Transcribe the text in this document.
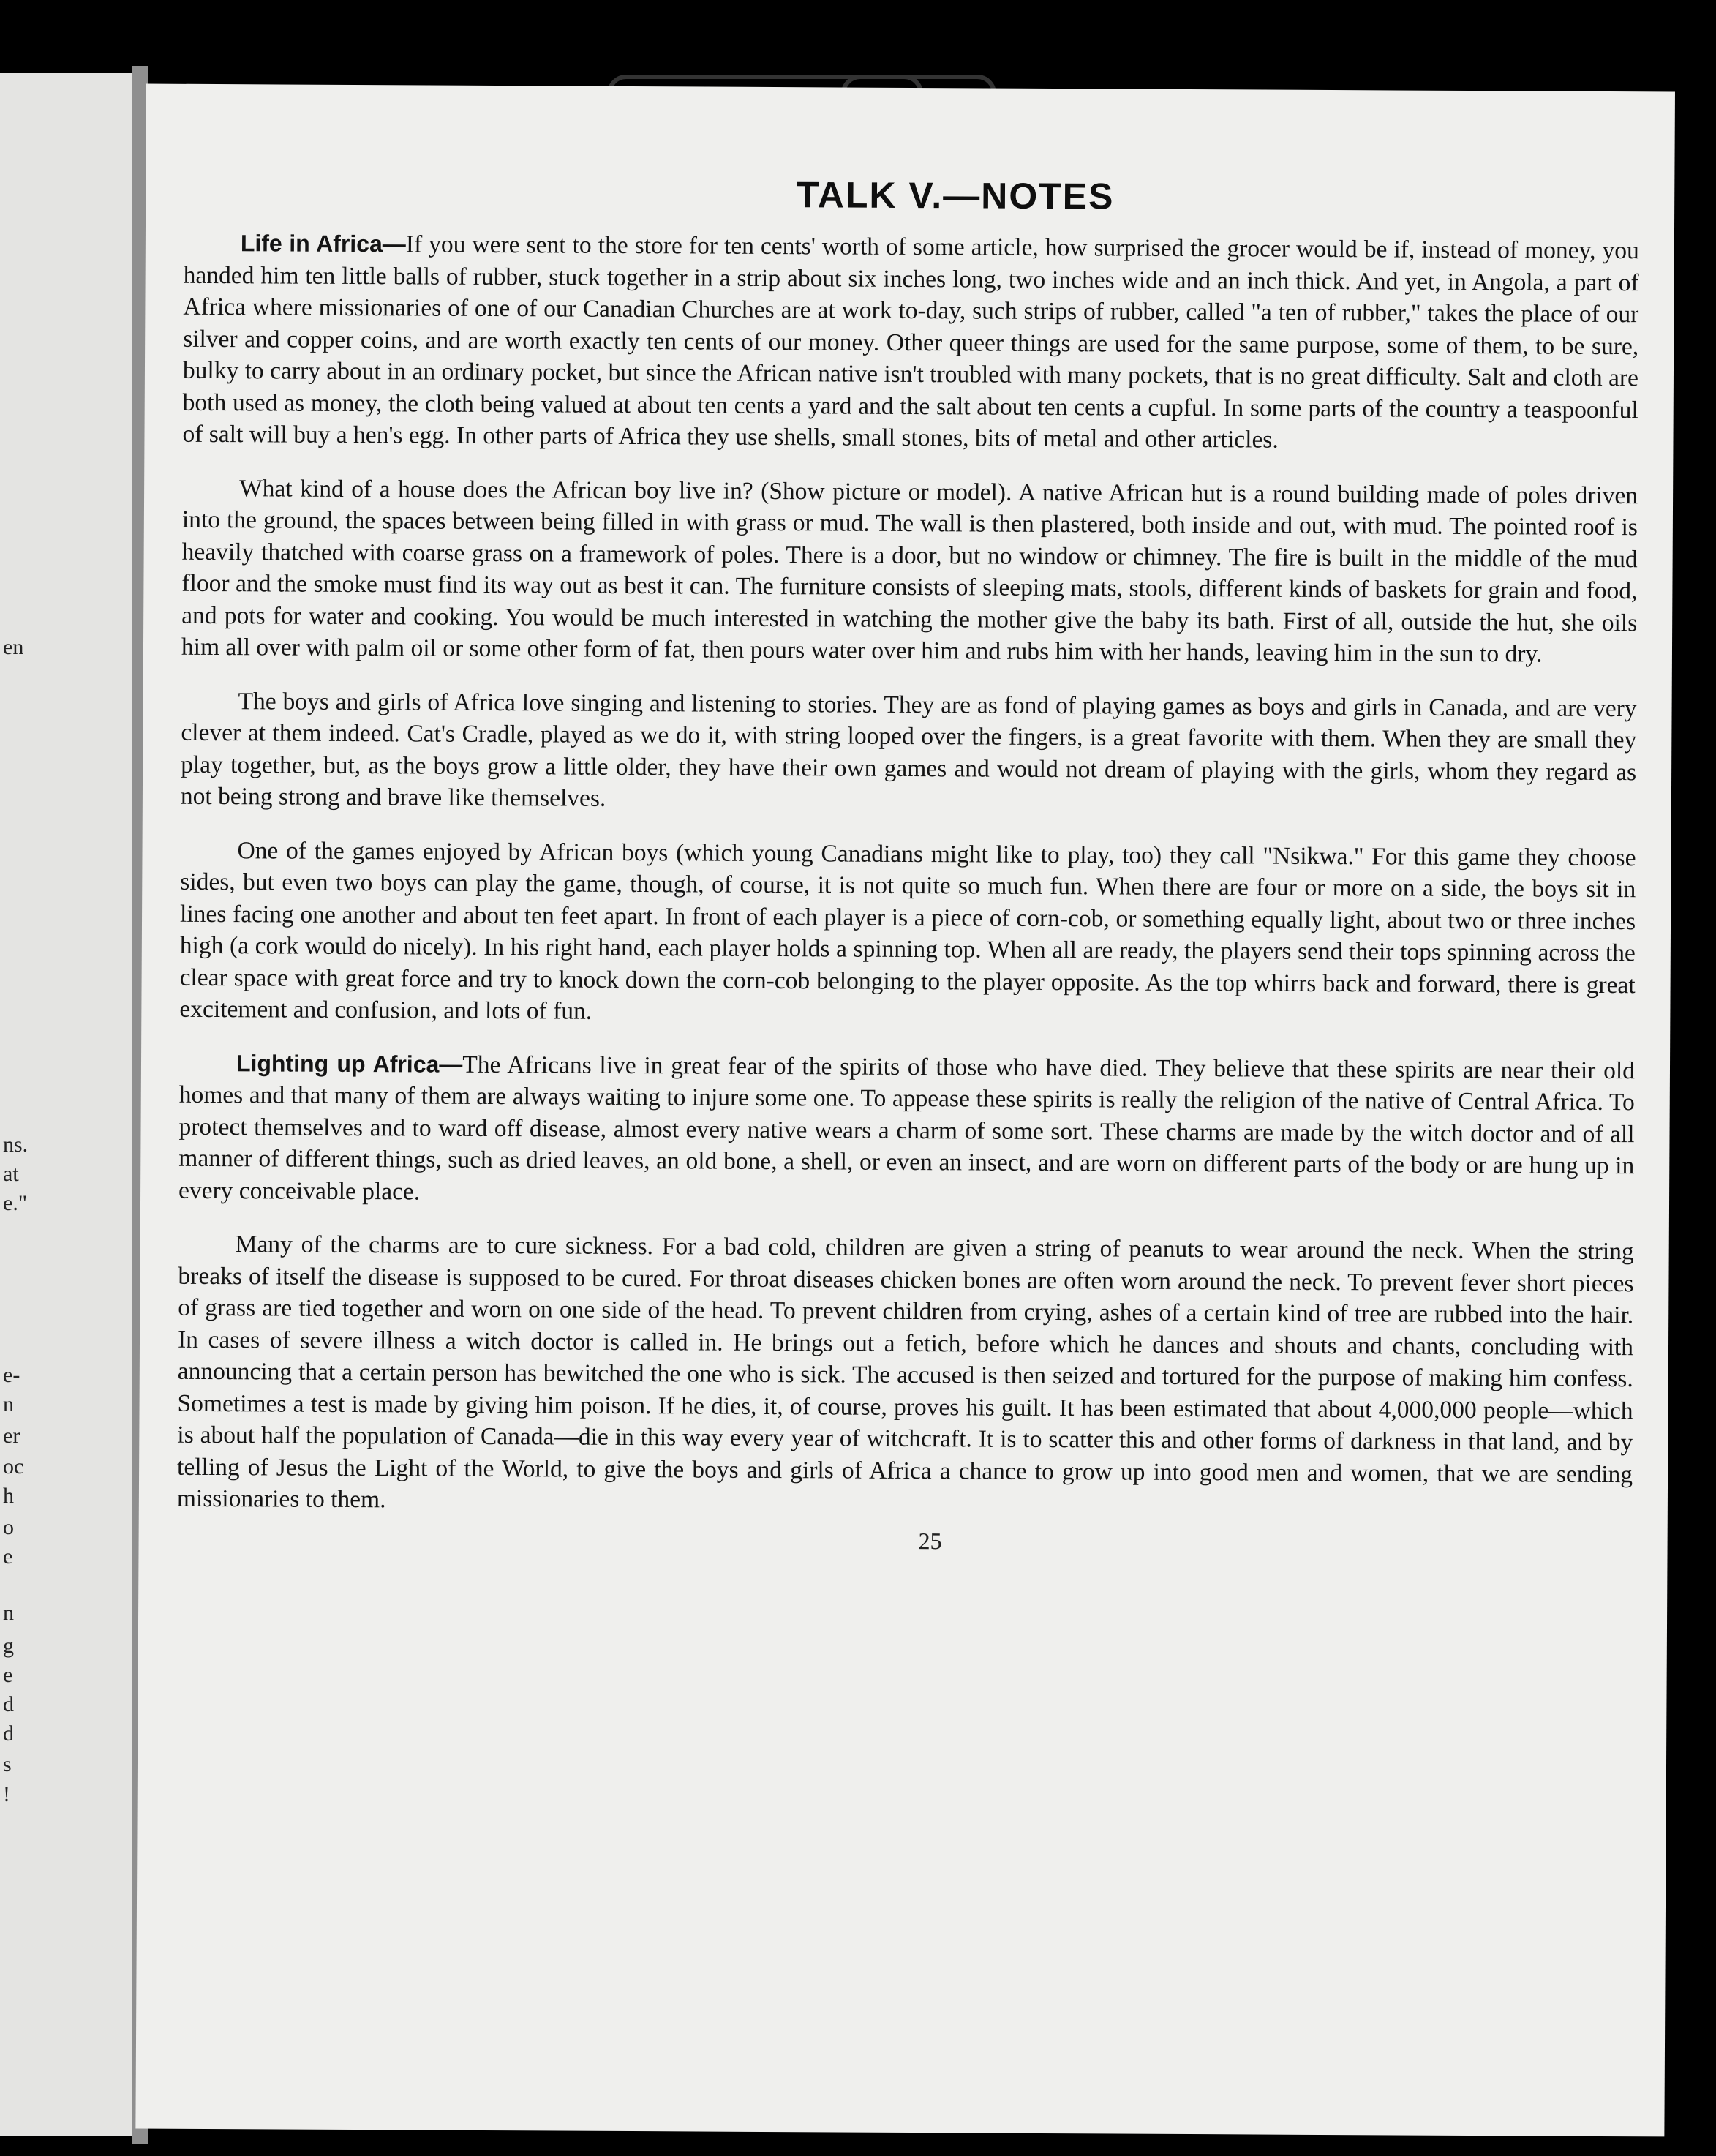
en
ns.
at
e."
e-
n
er
oc
h
o
e
n
g
e
d
d
s
!
TALK V.—NOTES

Life in Africa—If you were sent to the store for ten cents' worth of some article, how surprised the grocer would be if, instead of money, you handed him ten little balls of rubber, stuck together in a strip about six inches long, two inches wide and an inch thick. And yet, in Angola, a part of Africa where missionaries of one of our Canadian Churches are at work to-day, such strips of rubber, called "a ten of rubber," takes the place of our silver and copper coins, and are worth exactly ten cents of our money. Other queer things are used for the same purpose, some of them, to be sure, bulky to carry about in an ordinary pocket, but since the African native isn't troubled with many pockets, that is no great difficulty. Salt and cloth are both used as money, the cloth being valued at about ten cents a yard and the salt about ten cents a cupful. In some parts of the country a teaspoonful of salt will buy a hen's egg. In other parts of Africa they use shells, small stones, bits of metal and other articles.

What kind of a house does the African boy live in? (Show picture or model). A native African hut is a round building made of poles driven into the ground, the spaces between being filled in with grass or mud. The wall is then plastered, both inside and out, with mud. The pointed roof is heavily thatched with coarse grass on a framework of poles. There is a door, but no window or chimney. The fire is built in the middle of the mud floor and the smoke must find its way out as best it can. The furniture consists of sleeping mats, stools, different kinds of baskets for grain and food, and pots for water and cooking. You would be much interested in watching the mother give the baby its bath. First of all, outside the hut, she oils him all over with palm oil or some other form of fat, then pours water over him and rubs him with her hands, leaving him in the sun to dry.

The boys and girls of Africa love singing and listening to stories. They are as fond of playing games as boys and girls in Canada, and are very clever at them indeed. Cat's Cradle, played as we do it, with string looped over the fingers, is a great favorite with them. When they are small they play together, but, as the boys grow a little older, they have their own games and would not dream of playing with the girls, whom they regard as not being strong and brave like themselves.

One of the games enjoyed by African boys (which young Canadians might like to play, too) they call "Nsikwa." For this game they choose sides, but even two boys can play the game, though, of course, it is not quite so much fun. When there are four or more on a side, the boys sit in lines facing one another and about ten feet apart. In front of each player is a piece of corn-cob, or something equally light, about two or three inches high (a cork would do nicely). In his right hand, each player holds a spinning top. When all are ready, the players send their tops spinning across the clear space with great force and try to knock down the corn-cob belonging to the player opposite. As the top whirrs back and forward, there is great excitement and confusion, and lots of fun.

Lighting up Africa—The Africans live in great fear of the spirits of those who have died. They believe that these spirits are near their old homes and that many of them are always waiting to injure some one. To appease these spirits is really the religion of the native of Central Africa. To protect themselves and to ward off disease, almost every native wears a charm of some sort. These charms are made by the witch doctor and of all manner of different things, such as dried leaves, an old bone, a shell, or even an insect, and are worn on different parts of the body or are hung up in every conceivable place.

Many of the charms are to cure sickness. For a bad cold, children are given a string of peanuts to wear around the neck. When the string breaks of itself the disease is supposed to be cured. For throat diseases chicken bones are often worn around the neck. To prevent fever short pieces of grass are tied together and worn on one side of the head. To prevent children from crying, ashes of a certain kind of tree are rubbed into the hair. In cases of severe illness a witch doctor is called in. He brings out a fetich, before which he dances and shouts and chants, concluding with announcing that a certain person has bewitched the one who is sick. The accused is then seized and tortured for the purpose of making him confess. Sometimes a test is made by giving him poison. If he dies, it, of course, proves his guilt. It has been estimated that about 4,000,000 people—which is about half the population of Canada—die in this way every year of witchcraft. It is to scatter this and other forms of darkness in that land, and by telling of Jesus the Light of the World, to give the boys and girls of Africa a chance to grow up into good men and women, that we are sending missionaries to them.

25
